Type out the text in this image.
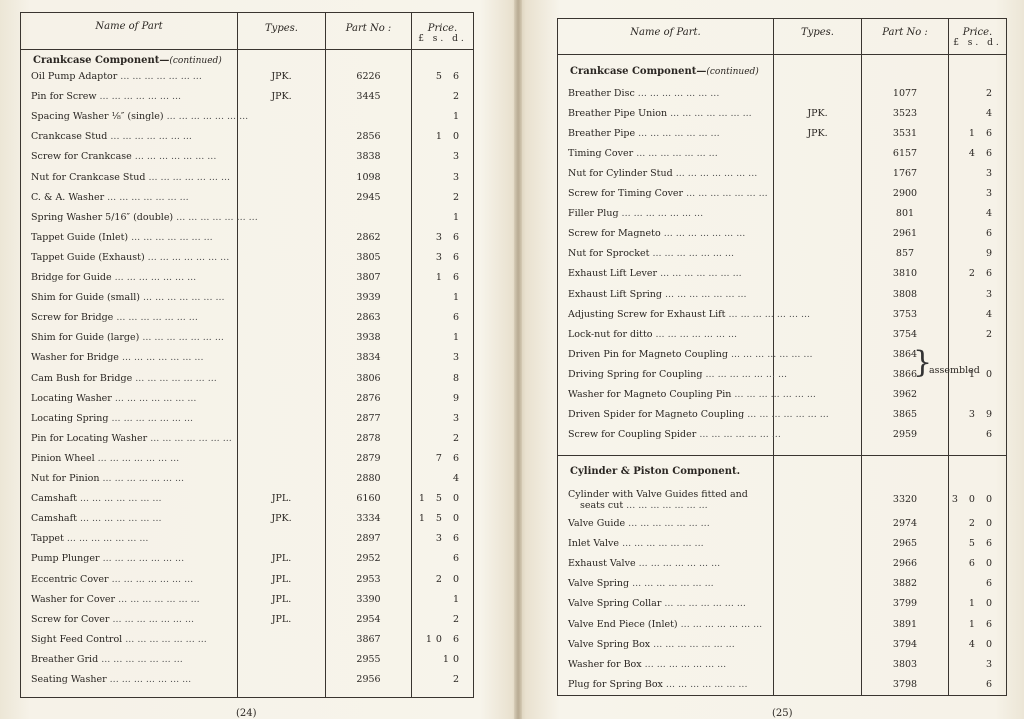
Name of Part	Types.	Part No :	Price.
£ s. d.
Crankcase Component—(continued)
Oil Pump Adaptor ... ... ... ... ... ... ...	JPK.	6226	5 6
Pin for Screw ... ... ... ... ... ... ...	JPK.	3445	2
Spacing Washer ⅛″ (single) ... ... ... ... ... ... ...	1
Crankcase Stud ... ... ... ... ... ... ...	2856	1 0
Screw for Crankcase ... ... ... ... ... ... ...	3838	3
Nut for Crankcase Stud ... ... ... ... ... ... ...	1098	3
C. & A. Washer ... ... ... ... ... ... ...	2945	2
Spring Washer 5/16″ (double) ... ... ... ... ... ... ...	1
Tappet Guide (Inlet) ... ... ... ... ... ... ...	2862	3 6
Tappet Guide (Exhaust) ... ... ... ... ... ... ...	3805	3 6
Bridge for Guide ... ... ... ... ... ... ...	3807	1 6
Shim for Guide (small) ... ... ... ... ... ... ...	3939	1
Screw for Bridge ... ... ... ... ... ... ...	2863	6
Shim for Guide (large) ... ... ... ... ... ... ...	3938	1
Washer for Bridge ... ... ... ... ... ... ...	3834	3
Cam Bush for Bridge ... ... ... ... ... ... ...	3806	8
Locating Washer ... ... ... ... ... ... ...	2876	9
Locating Spring ... ... ... ... ... ... ...	2877	3
Pin for Locating Washer ... ... ... ... ... ... ...	2878	2
Pinion Wheel ... ... ... ... ... ... ...	2879	7 6
Nut for Pinion ... ... ... ... ... ... ...	2880	4
Camshaft ... ... ... ... ... ... ...	JPL.	6160	1 5 0
Camshaft ... ... ... ... ... ... ...	JPK.	3334	1 5 0
Tappet ... ... ... ... ... ... ...	2897	3 6
Pump Plunger ... ... ... ... ... ... ...	JPL.	2952	6
Eccentric Cover ... ... ... ... ... ... ...	JPL.	2953	2 0
Washer for Cover ... ... ... ... ... ... ...	JPL.	3390	1
Screw for Cover ... ... ... ... ... ... ...	JPL.	2954	2
Sight Feed Control ... ... ... ... ... ... ...	3867	10 6
Breather Grid ... ... ... ... ... ... ...	2955	10
Seating Washer ... ... ... ... ... ... ...	2956	2
(24)
Name of Part.	Types.	Part No :	Price.
£ s. d.
Crankcase Component—(continued)
Breather Disc ... ... ... ... ... ... ...	1077	2
Breather Pipe Union ... ... ... ... ... ... ...	JPK.	3523	4
Breather Pipe ... ... ... ... ... ... ...	JPK.	3531	1 6
Timing Cover ... ... ... ... ... ... ...	6157	4 6
Nut for Cylinder Stud ... ... ... ... ... ... ...	1767	3
Screw for Timing Cover ... ... ... ... ... ... ...	2900	3
Filler Plug ... ... ... ... ... ... ...	801	4
Screw for Magneto ... ... ... ... ... ... ...	2961	6
Nut for Sprocket ... ... ... ... ... ... ...	857	9
Exhaust Lift Lever ... ... ... ... ... ... ...	3810	2 6
Exhaust Lift Spring ... ... ... ... ... ... ...	3808	3
Adjusting Screw for Exhaust Lift ... ... ... ... ... ... ...	3753	4
Lock-nut for ditto ... ... ... ... ... ... ...	3754	2
Driven Pin for Magneto Coupling ... ... ... ... ... ... ...	3864
Driving Spring for Coupling ... ... ... ... ... ... ...	3866	1 0
Washer for Magneto Coupling Pin ... ... ... ... ... ... ...	3962
Driven Spider for Magneto Coupling ... ... ... ... ... ... ...	3865	3 9
Screw for Coupling Spider ... ... ... ... ... ... ...	2959	6
}
assembled
Cylinder & Piston Component.
Cylinder with Valve Guides fitted and
seats cut ... ... ... ... ... ... ...
3320	3 0 0
Valve Guide ... ... ... ... ... ... ...	2974	2 0
Inlet Valve ... ... ... ... ... ... ...	2965	5 6
Exhaust Valve ... ... ... ... ... ... ...	2966	6 0
Valve Spring ... ... ... ... ... ... ...	3882	6
Valve Spring Collar ... ... ... ... ... ... ...	3799	1 0
Valve End Piece (Inlet) ... ... ... ... ... ... ...	3891	1 6
Valve Spring Box ... ... ... ... ... ... ...	3794	4 0
Washer for Box ... ... ... ... ... ... ...	3803	3
Plug for Spring Box ... ... ... ... ... ... ...	3798	6
(25)
